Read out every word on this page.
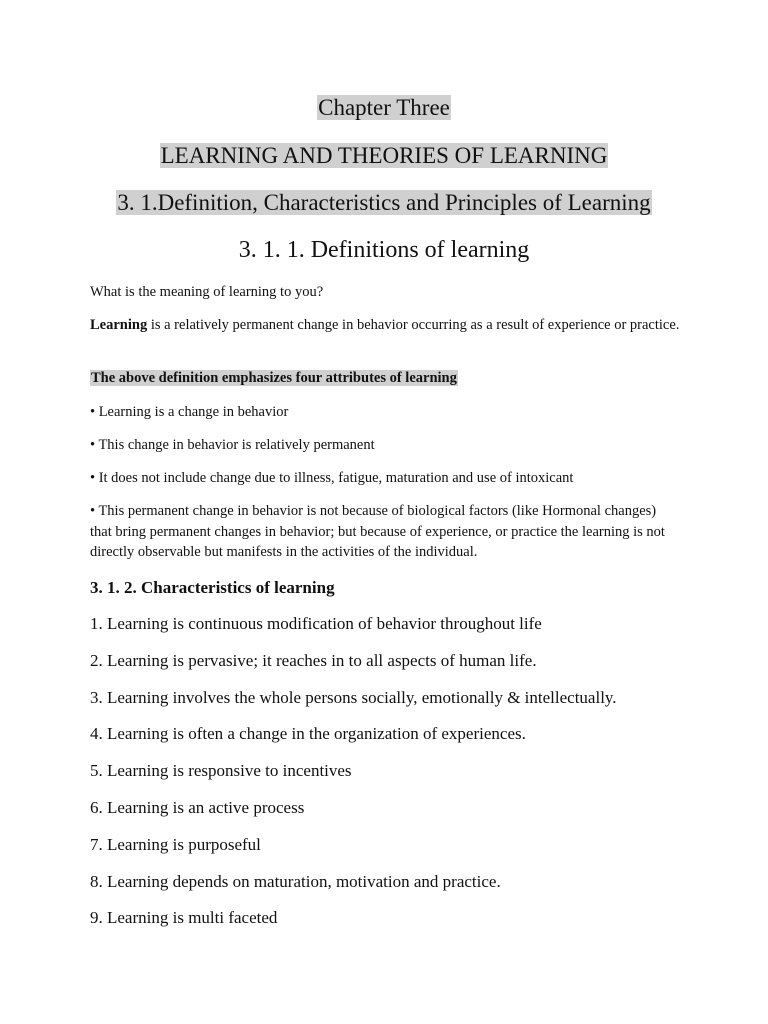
Chapter Three
LEARNING AND THEORIES OF LEARNING
3. 1.Definition, Characteristics and Principles of Learning
3. 1. 1. Definitions of learning
What is the meaning of learning to you?
Learning is a relatively permanent change in behavior occurring as a result of experience or practice.
The above definition emphasizes four attributes of learning
• Learning is a change in behavior
• This change in behavior is relatively permanent
• It does not include change due to illness, fatigue, maturation and use of intoxicant
• This permanent change in behavior is not because of biological factors (like Hormonal changes) that bring permanent changes in behavior; but because of experience, or practice the learning is not directly observable but manifests in the activities of the individual.
3. 1. 2. Characteristics of learning
1. Learning is continuous modification of behavior throughout life
2. Learning is pervasive; it reaches in to all aspects of human life.
3. Learning involves the whole persons socially, emotionally & intellectually.
4. Learning is often a change in the organization of experiences.
5. Learning is responsive to incentives
6. Learning is an active process
7. Learning is purposeful
8. Learning depends on maturation, motivation and practice.
9. Learning is multi faceted
